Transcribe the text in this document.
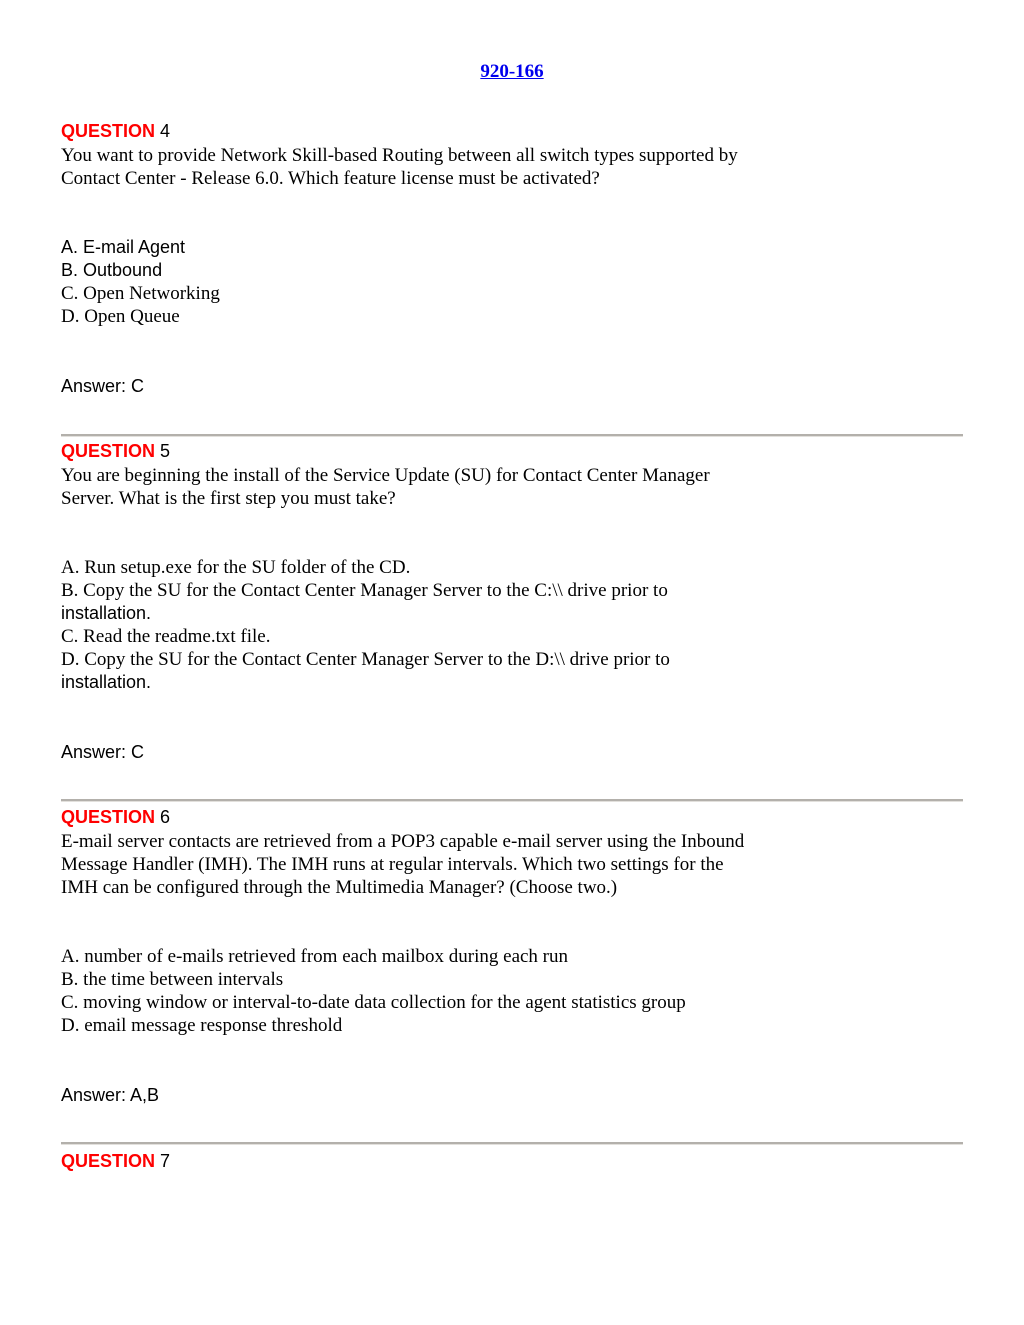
920-166
QUESTION 4
You want to provide Network Skill-based Routing between all switch types supported by
Contact Center - Release 6.0. Which feature license must be activated?
A. E-mail Agent
B. Outbound
C. Open Networking
D. Open Queue
Answer: C
QUESTION 5
You are beginning the install of the Service Update (SU) for Contact Center Manager
Server. What is the first step you must take?
A. Run setup.exe for the SU folder of the CD.
B. Copy the SU for the Contact Center Manager Server to the C:\\ drive prior to
installation.
C. Read the readme.txt file.
D. Copy the SU for the Contact Center Manager Server to the D:\\ drive prior to
installation.
Answer: C
QUESTION 6
E-mail server contacts are retrieved from a POP3 capable e-mail server using the Inbound
Message Handler (IMH). The IMH runs at regular intervals. Which two settings for the
IMH can be configured through the Multimedia Manager? (Choose two.)
A. number of e-mails retrieved from each mailbox during each run
B. the time between intervals
C. moving window or interval-to-date data collection for the agent statistics group
D. email message response threshold
Answer: A,B
QUESTION 7
